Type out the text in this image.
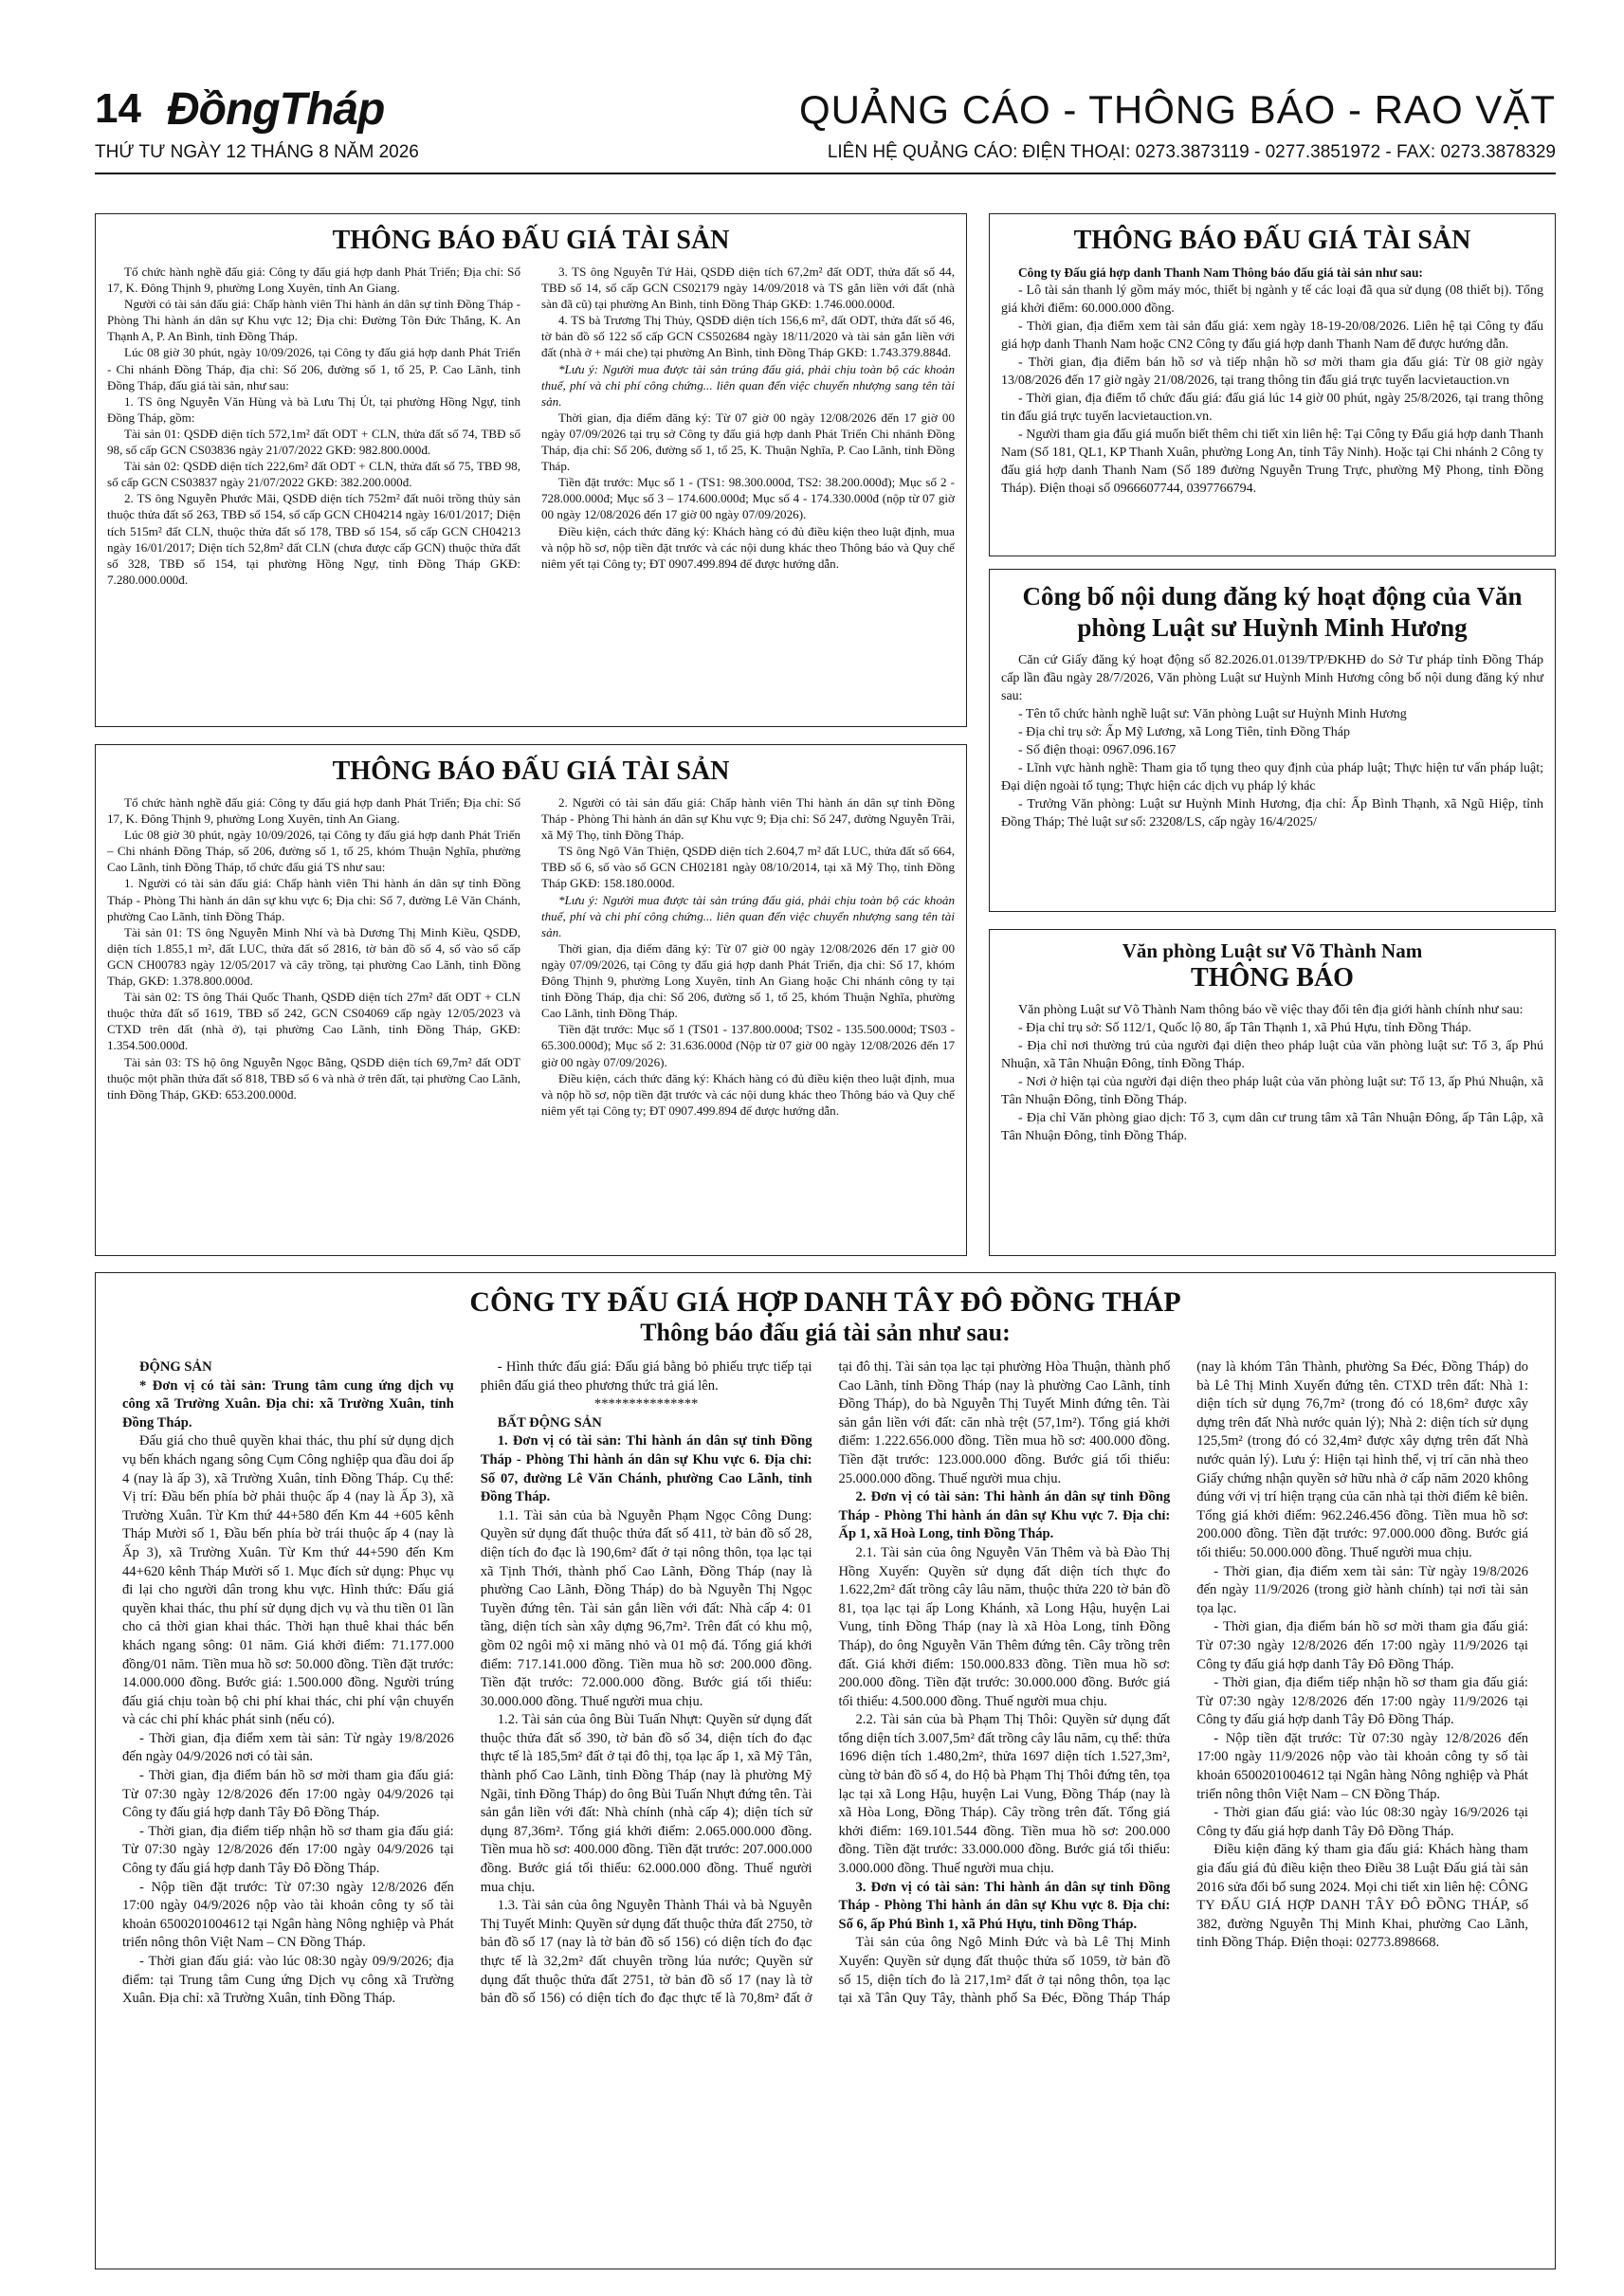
14 ĐồngTháp	QUẢNG CÁO - THÔNG BÁO - RAO VẶT
THỨ TƯ NGÀY 12 THÁNG 8 NĂM 2026	LIÊN HỆ QUẢNG CÁO: ĐIỆN THOẠI: 0273.3873119 - 0277.3851972 - FAX: 0273.3878329
THÔNG BÁO ĐẤU GIÁ TÀI SẢN

Tổ chức hành nghề đấu giá: Công ty đấu giá hợp danh Phát Triển; Địa chỉ: Số 17, K. Đông Thịnh 9, phường Long Xuyên, tỉnh An Giang.

Người có tài sản đấu giá: Chấp hành viên Thi hành án dân sự tỉnh Đồng Tháp - Phòng Thi hành án dân sự Khu vực 12; Địa chỉ: Đường Tôn Đức Thắng, K. An Thạnh A, P. An Bình, tỉnh Đồng Tháp.

Lúc 08 giờ 30 phút, ngày 10/09/2026, tại Công ty đấu giá hợp danh Phát Triển - Chi nhánh Đồng Tháp, địa chỉ: Số 206, đường số 1, tổ 25, P. Cao Lãnh, tỉnh Đồng Tháp, đấu giá tài sản, như sau:

1. TS ông Nguyễn Văn Hùng và bà Lưu Thị Út, tại phường Hồng Ngự, tỉnh Đồng Tháp, gồm:

Tài sản 01: QSDĐ diện tích 572,1m² đất ODT + CLN, thửa đất số 74, TBĐ số 98, số cấp GCN CS03836 ngày 21/07/2022 GKĐ: 982.800.000đ.

Tài sản 02: QSDĐ diện tích 222,6m² đất ODT + CLN, thửa đất số 75, TBĐ 98, số cấp GCN CS03837 ngày 21/07/2022 GKĐ: 382.200.000đ.

2. TS ông Nguyễn Phước Mãi, QSDĐ diện tích 752m² đất nuôi trồng thủy sản thuộc thửa đất số 263, TBĐ số 154, số cấp GCN CH04214 ngày 16/01/2017; Diện tích 515m² đất CLN, thuộc thửa đất số 178, TBĐ số 154, số cấp GCN CH04213 ngày 16/01/2017; Diện tích 52,8m² đất CLN (chưa được cấp GCN) thuộc thửa đất số 328, TBĐ số 154, tại phường Hồng Ngự, tỉnh Đồng Tháp GKĐ: 7.280.000.000đ.

3. TS ông Nguyễn Tứ Hải, QSDĐ diện tích 67,2m² đất ODT, thửa đất số 44, TBĐ số 14, số cấp GCN CS02179 ngày 14/09/2018 và TS gắn liền với đất (nhà sàn đã cũ) tại phường An Bình, tỉnh Đồng Tháp GKĐ: 1.746.000.000đ.

4. TS bà Trương Thị Thủy, QSDĐ diện tích 156,6 m², đất ODT, thửa đất số 46, tờ bản đồ số 122 số cấp GCN CS502684 ngày 18/11/2020 và tài sản gắn liền với đất (nhà ở + mái che) tại phường An Bình, tỉnh Đồng Tháp GKĐ: 1.743.379.884đ.

*Lưu ý: Người mua được tài sản trúng đấu giá, phải chịu toàn bộ các khoản thuế, phí và chi phí công chứng... liên quan đến việc chuyển nhượng sang tên tài sản.

Thời gian, địa điểm đăng ký: Từ 07 giờ 00 ngày 12/08/2026 đến 17 giờ 00 ngày 07/09/2026 tại trụ sở Công ty đấu giá hợp danh Phát Triển Chi nhánh Đồng Tháp, địa chỉ: Số 206, đường số 1, tổ 25, K. Thuận Nghĩa, P. Cao Lãnh, tỉnh Đồng Tháp.

Tiền đặt trước: Mục số 1 - (TS1: 98.300.000đ, TS2: 38.200.000đ); Mục số 2 - 728.000.000đ; Mục số 3 – 174.600.000đ; Mục số 4 - 174.330.000đ (nộp từ 07 giờ 00 ngày 12/08/2026 đến 17 giờ 00 ngày 07/09/2026).

Điều kiện, cách thức đăng ký: Khách hàng có đủ điều kiện theo luật định, mua và nộp hồ sơ, nộp tiền đặt trước và các nội dung khác theo Thông báo và Quy chế niêm yết tại Công ty; ĐT 0907.499.894 để được hướng dẫn.

THÔNG BÁO ĐẤU GIÁ TÀI SẢN

Tổ chức hành nghề đấu giá: Công ty đấu giá hợp danh Phát Triển; Địa chỉ: Số 17, K. Đông Thịnh 9, phường Long Xuyên, tỉnh An Giang.

Lúc 08 giờ 30 phút, ngày 10/09/2026, tại Công ty đấu giá hợp danh Phát Triển – Chi nhánh Đồng Tháp, số 206, đường số 1, tổ 25, khóm Thuận Nghĩa, phường Cao Lãnh, tỉnh Đồng Tháp, tổ chức đấu giá TS như sau:

1. Người có tài sản đấu giá: Chấp hành viên Thi hành án dân sự tỉnh Đồng Tháp - Phòng Thi hành án dân sự khu vực 6; Địa chỉ: Số 7, đường Lê Văn Chánh, phường Cao Lãnh, tỉnh Đồng Tháp.

Tài sản 01: TS ông Nguyễn Minh Nhí và bà Dương Thị Minh Kiều, QSDĐ, diện tích 1.855,1 m², đất LUC, thửa đất số 2816, tờ bản đồ số 4, số vào sổ cấp GCN CH00783 ngày 12/05/2017 và cây trồng, tại phường Cao Lãnh, tỉnh Đồng Tháp, GKĐ: 1.378.800.000đ.

Tài sản 02: TS ông Thái Quốc Thanh, QSDĐ diện tích 27m² đất ODT + CLN thuộc thửa đất số 1619, TBĐ số 242, GCN CS04069 cấp ngày 12/05/2023 và CTXD trên đất (nhà ở), tại phường Cao Lãnh, tỉnh Đồng Tháp, GKĐ: 1.354.500.000đ.

Tài sản 03: TS hộ ông Nguyễn Ngọc Bằng, QSDĐ diện tích 69,7m² đất ODT thuộc một phần thửa đất số 818, TBĐ số 6 và nhà ở trên đất, tại phường Cao Lãnh, tỉnh Đồng Tháp, GKĐ: 653.200.000đ.

2. Người có tài sản đấu giá: Chấp hành viên Thi hành án dân sự tỉnh Đồng Tháp - Phòng Thi hành án dân sự Khu vực 9; Địa chỉ: Số 247, đường Nguyễn Trãi, xã Mỹ Thọ, tỉnh Đồng Tháp.

TS ông Ngô Văn Thiện, QSDĐ diện tích 2.604,7 m² đất LUC, thửa đất số 664, TBĐ số 6, số vào sổ GCN CH02181 ngày 08/10/2014, tại xã Mỹ Thọ, tỉnh Đồng Tháp GKĐ: 158.180.000đ.

*Lưu ý: Người mua được tài sản trúng đấu giá, phải chịu toàn bộ các khoản thuế, phí và chi phí công chứng... liên quan đến việc chuyển nhượng sang tên tài sản.

Thời gian, địa điểm đăng ký: Từ 07 giờ 00 ngày 12/08/2026 đến 17 giờ 00 ngày 07/09/2026, tại Công ty đấu giá hợp danh Phát Triển, địa chỉ: Số 17, khóm Đông Thịnh 9, phường Long Xuyên, tỉnh An Giang hoặc Chi nhánh công ty tại tỉnh Đồng Tháp, địa chỉ: Số 206, đường số 1, tổ 25, khóm Thuận Nghĩa, phường Cao Lãnh, tỉnh Đồng Tháp.

Tiền đặt trước: Mục số 1 (TS01 - 137.800.000đ; TS02 - 135.500.000đ; TS03 - 65.300.000đ); Mục số 2: 31.636.000đ (Nộp từ 07 giờ 00 ngày 12/08/2026 đến 17 giờ 00 ngày 07/09/2026).

Điều kiện, cách thức đăng ký: Khách hàng có đủ điều kiện theo luật định, mua và nộp hồ sơ, nộp tiền đặt trước và các nội dung khác theo Thông báo và Quy chế niêm yết tại Công ty; ĐT 0907.499.894 để được hướng dẫn.

THÔNG BÁO ĐẤU GIÁ TÀI SẢN

Công ty Đấu giá hợp danh Thanh Nam Thông báo đấu giá tài sản như sau:

- Lô tài sản thanh lý gồm máy móc, thiết bị ngành y tế các loại đã qua sử dụng (08 thiết bị). Tổng giá khởi điểm: 60.000.000 đồng.

- Thời gian, địa điểm xem tài sản đấu giá: xem ngày 18-19-20/08/2026. Liên hệ tại Công ty đấu giá hợp danh Thanh Nam hoặc CN2 Công ty đấu giá hợp danh Thanh Nam để được hướng dẫn.

- Thời gian, địa điểm bán hồ sơ và tiếp nhận hồ sơ mời tham gia đấu giá: Từ 08 giờ ngày 13/08/2026 đến 17 giờ ngày 21/08/2026, tại trang thông tin đấu giá trực tuyến lacvietauction.vn

- Thời gian, địa điểm tổ chức đấu giá: đấu giá lúc 14 giờ 00 phút, ngày 25/8/2026, tại trang thông tin đấu giá trực tuyến lacvietauction.vn.

- Người tham gia đấu giá muốn biết thêm chi tiết xin liên hệ: Tại Công ty Đấu giá hợp danh Thanh Nam (Số 181, QL1, KP Thanh Xuân, phường Long An, tỉnh Tây Ninh). Hoặc tại Chi nhánh 2 Công ty đấu giá hợp danh Thanh Nam (Số 189 đường Nguyễn Trung Trực, phường Mỹ Phong, tỉnh Đồng Tháp). Điện thoại số 0966607744, 0397766794.

Công bố nội dung đăng ký hoạt động của Văn phòng Luật sư Huỳnh Minh Hương

Căn cứ Giấy đăng ký hoạt động số 82.2026.01.0139/TP/ĐKHĐ do Sở Tư pháp tỉnh Đồng Tháp cấp lần đầu ngày 28/7/2026, Văn phòng Luật sư Huỳnh Minh Hương công bố nội dung đăng ký như sau:

- Tên tổ chức hành nghề luật sư: Văn phòng Luật sư Huỳnh Minh Hương

- Địa chỉ trụ sở: Ấp Mỹ Lương, xã Long Tiên, tỉnh Đồng Tháp

- Số điện thoại: 0967.096.167

- Lĩnh vực hành nghề: Tham gia tố tụng theo quy định của pháp luật; Thực hiện tư vấn pháp luật; Đại diện ngoài tố tụng; Thực hiện các dịch vụ pháp lý khác

- Trưởng Văn phòng: Luật sư Huỳnh Minh Hương, địa chỉ: Ấp Bình Thạnh, xã Ngũ Hiệp, tỉnh Đồng Tháp; Thẻ luật sư số: 23208/LS, cấp ngày 16/4/2025/

Văn phòng Luật sư Võ Thành Nam
THÔNG BÁO

Văn phòng Luật sư Võ Thành Nam thông báo về việc thay đổi tên địa giới hành chính như sau:

- Địa chỉ trụ sở: Số 112/1, Quốc lộ 80, ấp Tân Thạnh 1, xã Phú Hựu, tỉnh Đồng Tháp.

- Địa chỉ nơi thường trú của người đại diện theo pháp luật của văn phòng luật sư: Tổ 3, ấp Phú Nhuận, xã Tân Nhuận Đông, tỉnh Đồng Tháp.

- Nơi ở hiện tại của người đại diện theo pháp luật của văn phòng luật sư: Tổ 13, ấp Phú Nhuận, xã Tân Nhuận Đông, tỉnh Đồng Tháp.

- Địa chỉ Văn phòng giao dịch: Tổ 3, cụm dân cư trung tâm xã Tân Nhuận Đông, ấp Tân Lập, xã Tân Nhuận Đông, tỉnh Đồng Tháp.

CÔNG TY ĐẤU GIÁ HỢP DANH TÂY ĐÔ ĐỒNG THÁP
Thông báo đấu giá tài sản như sau:

ĐỘNG SẢN

* Đơn vị có tài sản: Trung tâm cung ứng dịch vụ công xã Trường Xuân. Địa chỉ: xã Trường Xuân, tỉnh Đồng Tháp.

Đấu giá cho thuê quyền khai thác, thu phí sử dụng dịch vụ bến khách ngang sông Cụm Công nghiệp qua đầu doi ấp 4 (nay là ấp 3), xã Trường Xuân, tỉnh Đồng Tháp. Cụ thể: Vị trí: Đầu bến phía bờ phải thuộc ấp 4 (nay là Ấp 3), xã Trường Xuân. Từ Km thứ 44+580 đến Km 44 +605 kênh Tháp Mười số 1, Đầu bến phía bờ trái thuộc ấp 4 (nay là Ấp 3), xã Trường Xuân. Từ Km thứ 44+590 đến Km 44+620 kênh Tháp Mười số 1. Mục đích sử dụng: Phục vụ đi lại cho người dân trong khu vực. Hình thức: Đấu giá quyền khai thác, thu phí sử dụng dịch vụ và thu tiền 01 lần cho cả thời gian khai thác. Thời hạn thuê khai thác bến khách ngang sông: 01 năm. Giá khởi điểm: 71.177.000 đồng/01 năm. Tiền mua hồ sơ: 50.000 đồng. Tiền đặt trước: 14.000.000 đồng. Bước giá: 1.500.000 đồng. Người trúng đấu giá chịu toàn bộ chi phí khai thác, chi phí vận chuyển và các chi phí khác phát sinh (nếu có).

- Thời gian, địa điểm xem tài sản: Từ ngày 19/8/2026 đến ngày 04/9/2026 nơi có tài sản.

- Thời gian, địa điểm bán hồ sơ mời tham gia đấu giá: Từ 07:30 ngày 12/8/2026 đến 17:00 ngày 04/9/2026 tại Công ty đấu giá hợp danh Tây Đô Đồng Tháp.

- Thời gian, địa điểm tiếp nhận hồ sơ tham gia đấu giá: Từ 07:30 ngày 12/8/2026 đến 17:00 ngày 04/9/2026 tại Công ty đấu giá hợp danh Tây Đô Đồng Tháp.

- Nộp tiền đặt trước: Từ 07:30 ngày 12/8/2026 đến 17:00 ngày 04/9/2026 nộp vào tài khoản công ty số tài khoản 6500201004612 tại Ngân hàng Nông nghiệp và Phát triển nông thôn Việt Nam – CN Đồng Tháp.

- Thời gian đấu giá: vào lúc 08:30 ngày 09/9/2026; địa điểm: tại Trung tâm Cung ứng Dịch vụ công xã Trường Xuân. Địa chỉ: xã Trường Xuân, tỉnh Đồng Tháp.

- Hình thức đấu giá: Đấu giá bằng bỏ phiếu trực tiếp tại phiên đấu giá theo phương thức trả giá lên.

***************

BẤT ĐỘNG SẢN

1. Đơn vị có tài sản: Thi hành án dân sự tỉnh Đồng Tháp - Phòng Thi hành án dân sự Khu vực 6. Địa chỉ: Số 07, đường Lê Văn Chánh, phường Cao Lãnh, tỉnh Đồng Tháp.

1.1. Tài sản của bà Nguyễn Phạm Ngọc Công Dung: Quyền sử dụng đất thuộc thửa đất số 411, tờ bản đồ số 28, diện tích đo đạc là 190,6m² đất ở tại nông thôn, tọa lạc tại xã Tịnh Thới, thành phố Cao Lãnh, Đồng Tháp (nay là phường Cao Lãnh, Đồng Tháp) do bà Nguyễn Thị Ngọc Tuyền đứng tên. Tài sản gắn liền với đất: Nhà cấp 4: 01 tầng, diện tích sàn xây dựng 96,7m². Trên đất có khu mộ, gồm 02 ngôi mộ xi măng nhỏ và 01 mộ đá. Tổng giá khởi điểm: 717.141.000 đồng. Tiền mua hồ sơ: 200.000 đồng. Tiền đặt trước: 72.000.000 đồng. Bước giá tối thiểu: 30.000.000 đồng. Thuế người mua chịu.

1.2. Tài sản của ông Bùi Tuấn Nhựt: Quyền sử dụng đất thuộc thửa đất số 390, tờ bản đồ số 34, diện tích đo đạc thực tế là 185,5m² đất ở tại đô thị, tọa lạc ấp 1, xã Mỹ Tân, thành phố Cao Lãnh, tỉnh Đồng Tháp (nay là phường Mỹ Ngãi, tỉnh Đồng Tháp) do ông Bùi Tuấn Nhựt đứng tên. Tài sản gắn liền với đất: Nhà chính (nhà cấp 4); diện tích sử dụng 87,36m². Tổng giá khởi điểm: 2.065.000.000 đồng. Tiền mua hồ sơ: 400.000 đồng. Tiền đặt trước: 207.000.000 đồng. Bước giá tối thiểu: 62.000.000 đồng. Thuế người mua chịu.

1.3. Tài sản của ông Nguyễn Thành Thái và bà Nguyễn Thị Tuyết Minh: Quyền sử dụng đất thuộc thửa đất 2750, tờ bản đồ số 17 (nay là tờ bản đồ số 156) có diện tích đo đạc thực tế là 32,2m² đất chuyên trồng lúa nước; Quyền sử dụng đất thuộc thửa đất 2751, tờ bản đồ số 17 (nay là tờ bản đồ số 156) có diện tích đo đạc thực tế là 70,8m² đất ở tại đô thị. Tài sản tọa lạc tại phường Hòa Thuận, thành phố Cao Lãnh, tỉnh Đồng Tháp (nay là phường Cao Lãnh, tỉnh Đồng Tháp), do bà Nguyễn Thị Tuyết Minh đứng tên. Tài sản gắn liền với đất: căn nhà trệt (57,1m²). Tổng giá khởi điểm: 1.222.656.000 đồng. Tiền mua hồ sơ: 400.000 đồng. Tiền đặt trước: 123.000.000 đồng. Bước giá tối thiểu: 25.000.000 đồng. Thuế người mua chịu.

2. Đơn vị có tài sản: Thi hành án dân sự tỉnh Đồng Tháp - Phòng Thi hành án dân sự Khu vực 7. Địa chỉ: Ấp 1, xã Hoà Long, tỉnh Đồng Tháp.

2.1. Tài sản của ông Nguyễn Văn Thêm và bà Đào Thị Hồng Xuyến: Quyền sử dụng đất diện tích thực đo 1.622,2m² đất trồng cây lâu năm, thuộc thửa 220 tờ bản đồ 81, tọa lạc tại ấp Long Khánh, xã Long Hậu, huyện Lai Vung, tỉnh Đồng Tháp (nay là xã Hòa Long, tỉnh Đồng Tháp), do ông Nguyễn Văn Thêm đứng tên. Cây trồng trên đất. Giá khởi điểm: 150.000.833 đồng. Tiền mua hồ sơ: 200.000 đồng. Tiền đặt trước: 30.000.000 đồng. Bước giá tối thiểu: 4.500.000 đồng. Thuế người mua chịu.

2.2. Tài sản của bà Phạm Thị Thôi: Quyền sử dụng đất tổng diện tích 3.007,5m² đất trồng cây lâu năm, cụ thể: thửa 1696 diện tích 1.480,2m², thửa 1697 diện tích 1.527,3m², cùng tờ bản đồ số 4, do Hộ bà Phạm Thị Thôi đứng tên, tọa lạc tại xã Long Hậu, huyện Lai Vung, Đồng Tháp (nay là xã Hòa Long, Đồng Tháp). Cây trồng trên đất. Tổng giá khởi điểm: 169.101.544 đồng. Tiền mua hồ sơ: 200.000 đồng. Tiền đặt trước: 33.000.000 đồng. Bước giá tối thiểu: 3.000.000 đồng. Thuế người mua chịu.

3. Đơn vị có tài sản: Thi hành án dân sự tỉnh Đồng Tháp - Phòng Thi hành án dân sự Khu vực 8. Địa chỉ: Số 6, ấp Phú Bình 1, xã Phú Hựu, tỉnh Đồng Tháp.

Tài sản của ông Ngô Minh Đức và bà Lê Thị Minh Xuyến: Quyền sử dụng đất thuộc thửa số 1059, tờ bản đồ số 15, diện tích đo là 217,1m² đất ở tại nông thôn, tọa lạc tại xã Tân Quy Tây, thành phố Sa Đéc, Đồng Tháp Tháp (nay là khóm Tân Thành, phường Sa Đéc, Đồng Tháp) do bà Lê Thị Minh Xuyến đứng tên. CTXD trên đất: Nhà 1: diện tích sử dụng 76,7m² (trong đó có 18,6m² được xây dựng trên đất Nhà nước quản lý); Nhà 2: diện tích sử dụng 125,5m² (trong đó có 32,4m² được xây dựng trên đất Nhà nước quản lý). Lưu ý: Hiện tại hình thể, vị trí căn nhà theo Giấy chứng nhận quyền sở hữu nhà ở cấp năm 2020 không đúng với vị trí hiện trạng của căn nhà tại thời điểm kê biên. Tổng giá khởi điểm: 962.246.456 đồng. Tiền mua hồ sơ: 200.000 đồng. Tiền đặt trước: 97.000.000 đồng. Bước giá tối thiểu: 50.000.000 đồng. Thuế người mua chịu.

- Thời gian, địa điểm xem tài sản: Từ ngày 19/8/2026 đến ngày 11/9/2026 (trong giờ hành chính) tại nơi tài sản tọa lạc.

- Thời gian, địa điểm bán hồ sơ mời tham gia đấu giá: Từ 07:30 ngày 12/8/2026 đến 17:00 ngày 11/9/2026 tại Công ty đấu giá hợp danh Tây Đô Đồng Tháp.

- Thời gian, địa điểm tiếp nhận hồ sơ tham gia đấu giá: Từ 07:30 ngày 12/8/2026 đến 17:00 ngày 11/9/2026 tại Công ty đấu giá hợp danh Tây Đô Đồng Tháp.

- Nộp tiền đặt trước: Từ 07:30 ngày 12/8/2026 đến 17:00 ngày 11/9/2026 nộp vào tài khoản công ty số tài khoản 6500201004612 tại Ngân hàng Nông nghiệp và Phát triển nông thôn Việt Nam – CN Đồng Tháp.

- Thời gian đấu giá: vào lúc 08:30 ngày 16/9/2026 tại Công ty đấu giá hợp danh Tây Đô Đồng Tháp.

Điều kiện đăng ký tham gia đấu giá: Khách hàng tham gia đấu giá đủ điều kiện theo Điều 38 Luật Đấu giá tài sản 2016 sửa đổi bổ sung 2024. Mọi chi tiết xin liên hệ: CÔNG TY ĐẤU GIÁ HỢP DANH TÂY ĐÔ ĐỒNG THÁP, số 382, đường Nguyễn Thị Minh Khai, phường Cao Lãnh, tỉnh Đồng Tháp. Điện thoại: 02773.898668.
